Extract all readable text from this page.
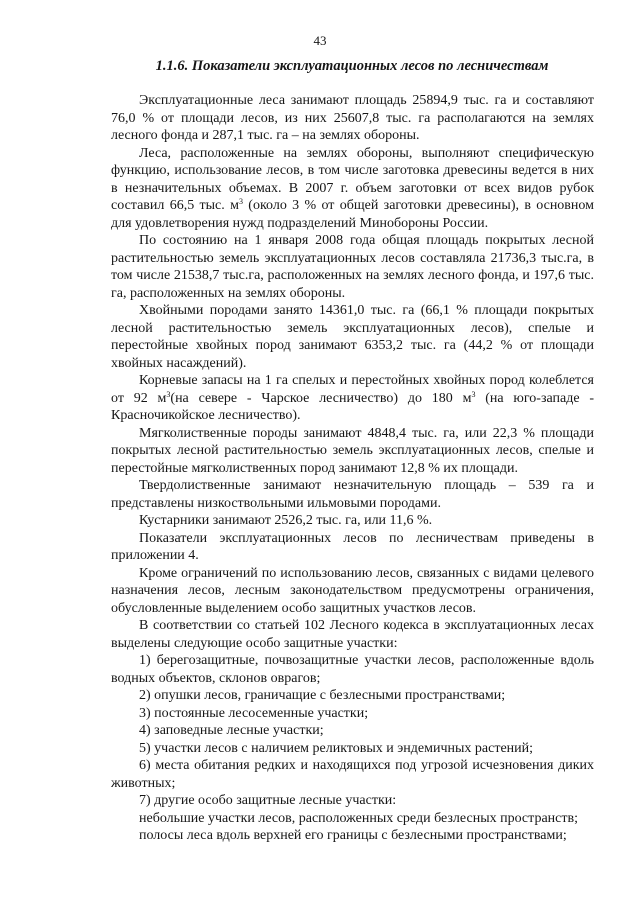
43
1.1.6. Показатели эксплуатационных лесов по лесничествам

Эксплуатационные леса занимают площадь 25894,9 тыс. га и составляют 76,0 % от площади лесов, из них 25607,8 тыс. га располагаются на землях лесного фонда и 287,1 тыс. га – на землях обороны.

Леса, расположенные на землях обороны, выполняют специфическую функцию, использование лесов, в том числе заготовка древесины ведется в них в незначительных объемах. В 2007 г. объем заготовки от всех видов рубок составил 66,5 тыс. $м^3$ (около 3 % от общей заготовки древесины), в основном для удовлетворения нужд подразделений Минобороны России.

По состоянию на 1 января 2008 года общая площадь покрытых лесной растительностью земель эксплуатационных лесов составляла 21736,3 тыс.га, в том числе 21538,7 тыс.га, расположенных на землях лесного фонда, и 197,6 тыс. га, расположенных на землях обороны.

Хвойными породами занято 14361,0 тыс. га (66,1 % площади покрытых лесной растительностью земель эксплуатационных лесов), спелые и перестойные хвойных пород занимают 6353,2 тыс. га (44,2 % от площади хвойных насаждений).

Корневые запасы на 1 га спелых и перестойных хвойных пород колеблется от 92 $м^3(на$ севере - Чарское лесничество) до 180 $м^3$ (на юго-западе - Красночикойское лесничество).

Мягколиственные породы занимают 4848,4 тыс. га, или 22,3 % площади покрытых лесной растительностью земель эксплуатационных лесов, спелые и перестойные мягколиственных пород занимают 12,8 % их площади.

Твердолиственные занимают незначительную площадь – 539 га и представлены низкоствольными ильмовыми породами.

Кустарники занимают 2526,2 тыс. га, или 11,6 %.

Показатели эксплуатационных лесов по лесничествам приведены в приложении 4.

Кроме ограничений по использованию лесов, связанных с видами целевого назначения лесов, лесным законодательством предусмотрены ограничения, обусловленные выделением особо защитных участков лесов.

В соответствии со статьей 102 Лесного кодекса в эксплуатационных лесах выделены следующие особо защитные участки:

1) берегозащитные, почвозащитные участки лесов, расположенные вдоль водных объектов, склонов оврагов;

2) опушки лесов, граничащие с безлесными пространствами;

3) постоянные лесосеменные участки;

4) заповедные лесные участки;

5) участки лесов с наличием реликтовых и эндемичных растений;

6) места обитания редких и находящихся под угрозой исчезновения диких животных;

7) другие особо защитные лесные участки:

небольшие участки лесов, расположенных среди безлесных пространств;

полосы леса вдоль верхней его границы с безлесными пространствами;
